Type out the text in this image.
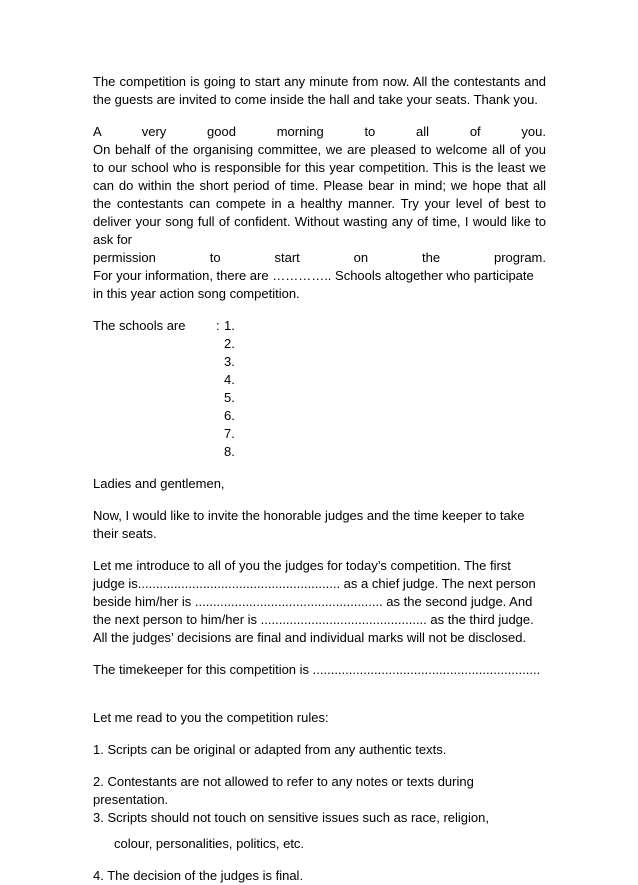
The competition is going to start any minute from now. All the contestants and the guests are invited to come inside the hall and take your seats. Thank you.

A very good morning to all of you.

On behalf of the organising committee, we are pleased to welcome all of you to our school who is responsible for this year competition. This is the least we can do within the short period of time. Please bear in mind; we hope that all the contestants can compete in a healthy manner. Try your level of best to deliver your song full of confident. Without wasting any of time, I would like to ask for

permission to start on the program.

For your information, there are ………….. Schools altogether who participate in this year action song competition.

The schools are	: 1.
2.
3.
4.
5.
6.
7.
8.

Ladies and gentlemen,

Now, I would like to invite the honorable judges and the time keeper to take their seats.

Let me introduce to all of you the judges for today’s competition. The first judge is........................................................ as a chief judge. The next person beside him/her is .................................................... as the second judge. And the next person to him/her is .............................................. as the third judge. All the judges’ decisions are final and individual marks will not be disclosed.

The timekeeper for this competition is ...............................................................

Let me read to you the competition rules:

1. Scripts can be original or adapted from any authentic texts.

2. Contestants are not allowed to refer to any notes or texts during presentation.

3. Scripts should not touch on sensitive issues such as race, religion,

colour, personalities, politics, etc.

4. The decision of the judges is final.
